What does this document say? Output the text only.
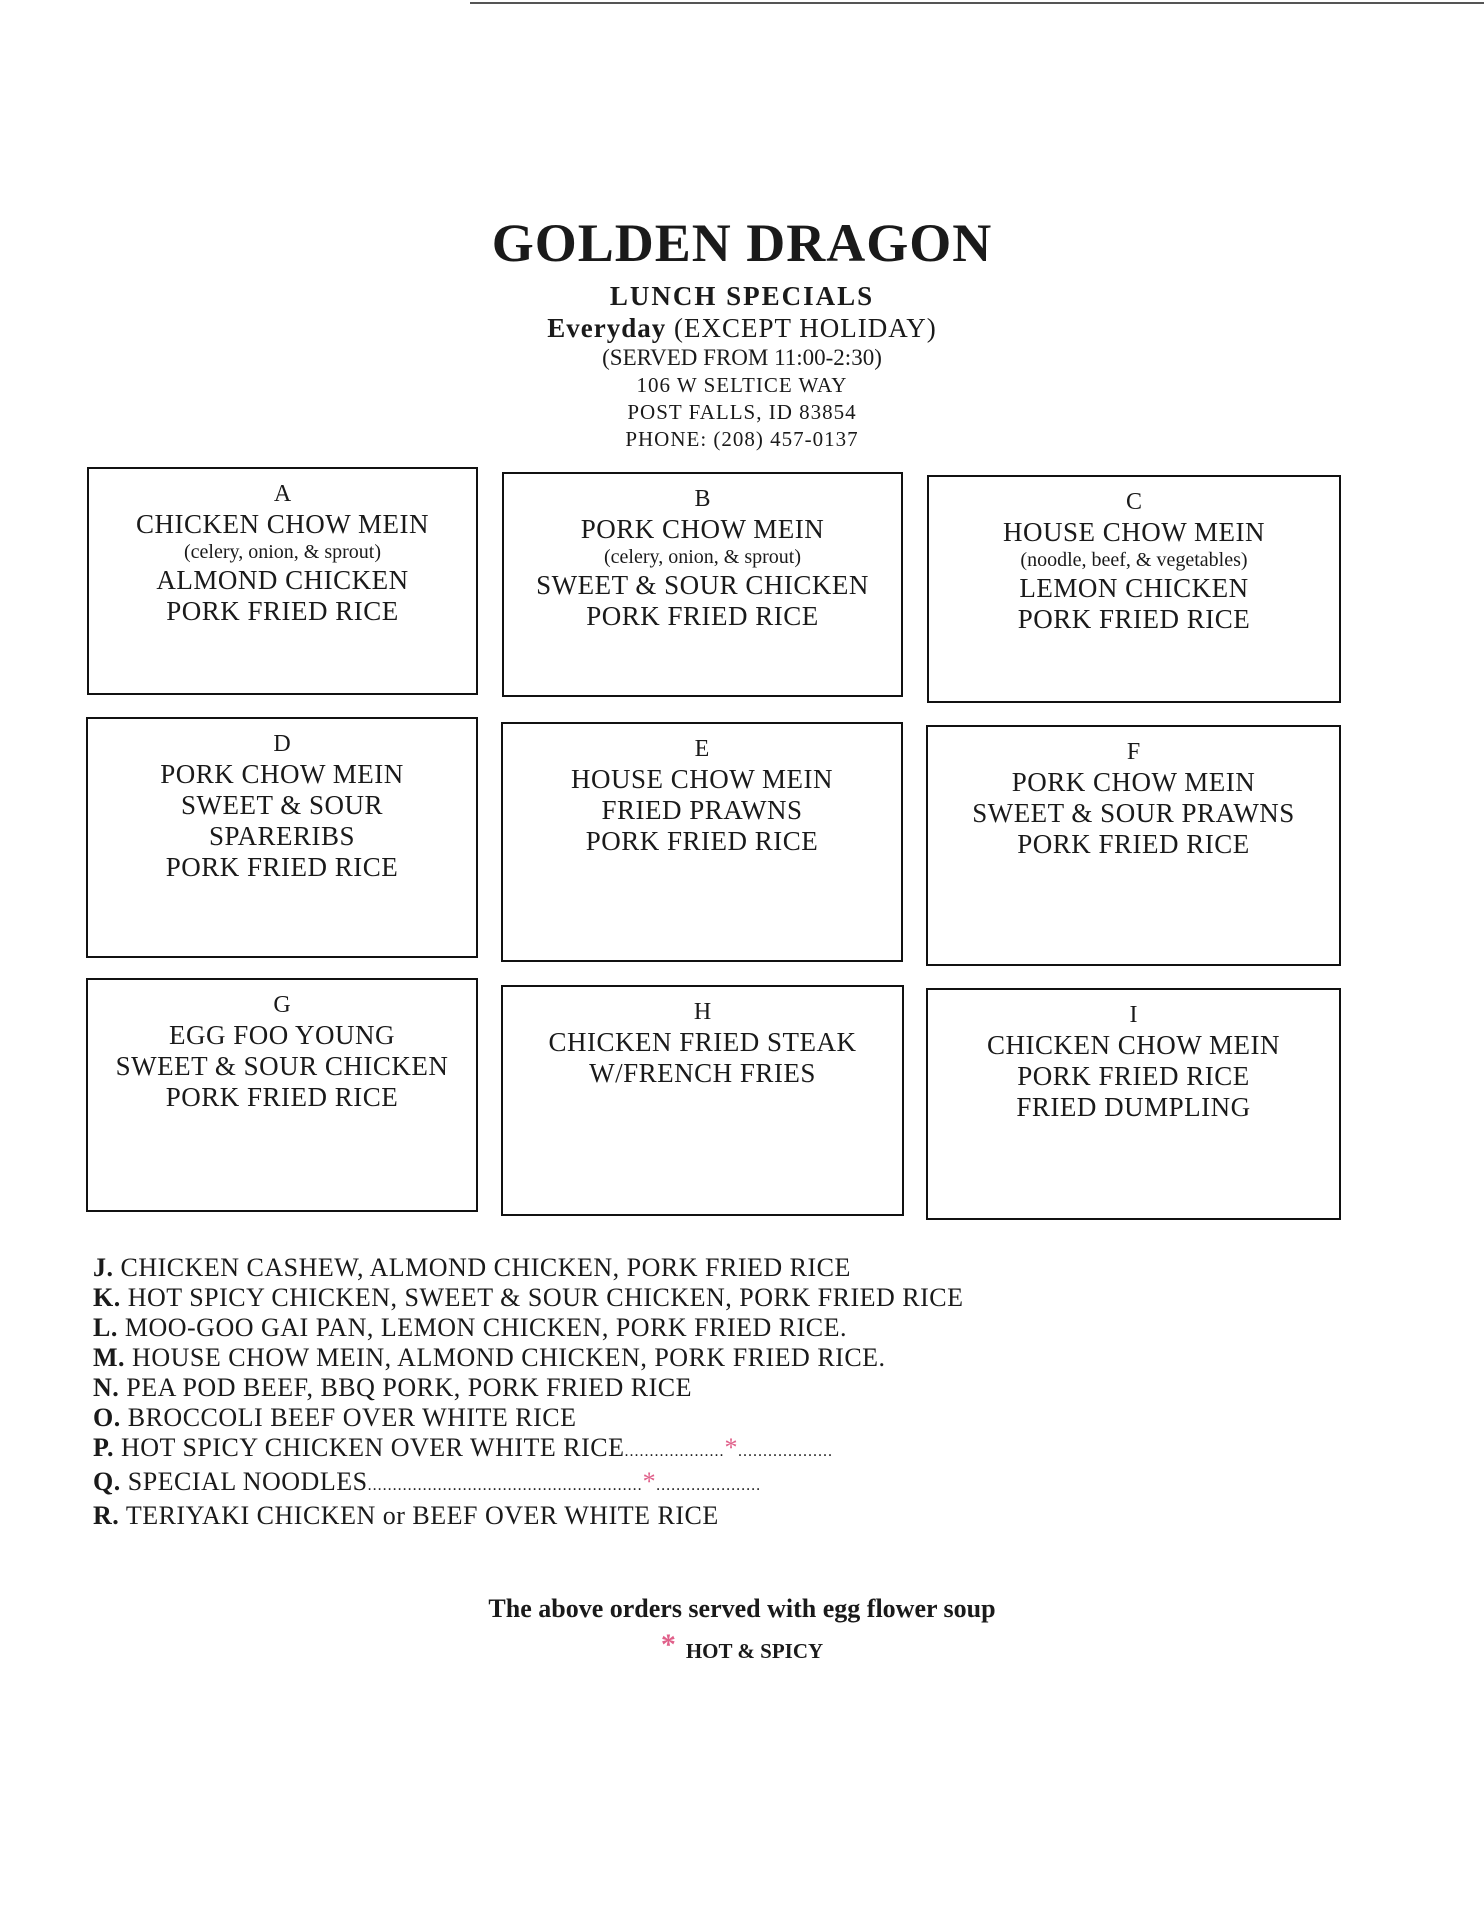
GOLDEN DRAGON
LUNCH SPECIALS
Everyday (EXCEPT HOLIDAY)
(SERVED FROM 11:00-2:30)
106 W SELTICE WAY
POST FALLS, ID 83854
PHONE: (208) 457-0137
A
CHICKEN CHOW MEIN
(celery, onion, & sprout)
ALMOND CHICKEN
PORK FRIED RICE
B
PORK CHOW MEIN
(celery, onion, & sprout)
SWEET & SOUR CHICKEN
PORK FRIED RICE
C
HOUSE CHOW MEIN
(noodle, beef, & vegetables)
LEMON CHICKEN
PORK FRIED RICE
D
PORK CHOW MEIN
SWEET & SOUR
SPARERIBS
PORK FRIED RICE
E
HOUSE CHOW MEIN
FRIED PRAWNS
PORK FRIED RICE
F
PORK CHOW MEIN
SWEET & SOUR PRAWNS
PORK FRIED RICE
G
EGG FOO YOUNG
SWEET & SOUR CHICKEN
PORK FRIED RICE
H
CHICKEN FRIED STEAK
W/FRENCH FRIES
I
CHICKEN CHOW MEIN
PORK FRIED RICE
FRIED DUMPLING
J. CHICKEN CASHEW, ALMOND CHICKEN, PORK FRIED RICE
K. HOT SPICY CHICKEN, SWEET & SOUR CHICKEN, PORK FRIED RICE
L. MOO-GOO GAI PAN, LEMON CHICKEN, PORK FRIED RICE.
M. HOUSE CHOW MEIN, ALMOND CHICKEN, PORK FRIED RICE.
N. PEA POD BEEF, BBQ PORK, PORK FRIED RICE
O. BROCCOLI BEEF OVER WHITE RICE
P. HOT SPICY CHICKEN OVER WHITE RICE....................*...................
Q. SPECIAL NOODLES.......................................................*.....................
R. TERIYAKI CHICKEN or BEEF OVER WHITE RICE
The above orders served with egg flower soup
* HOT & SPICY
